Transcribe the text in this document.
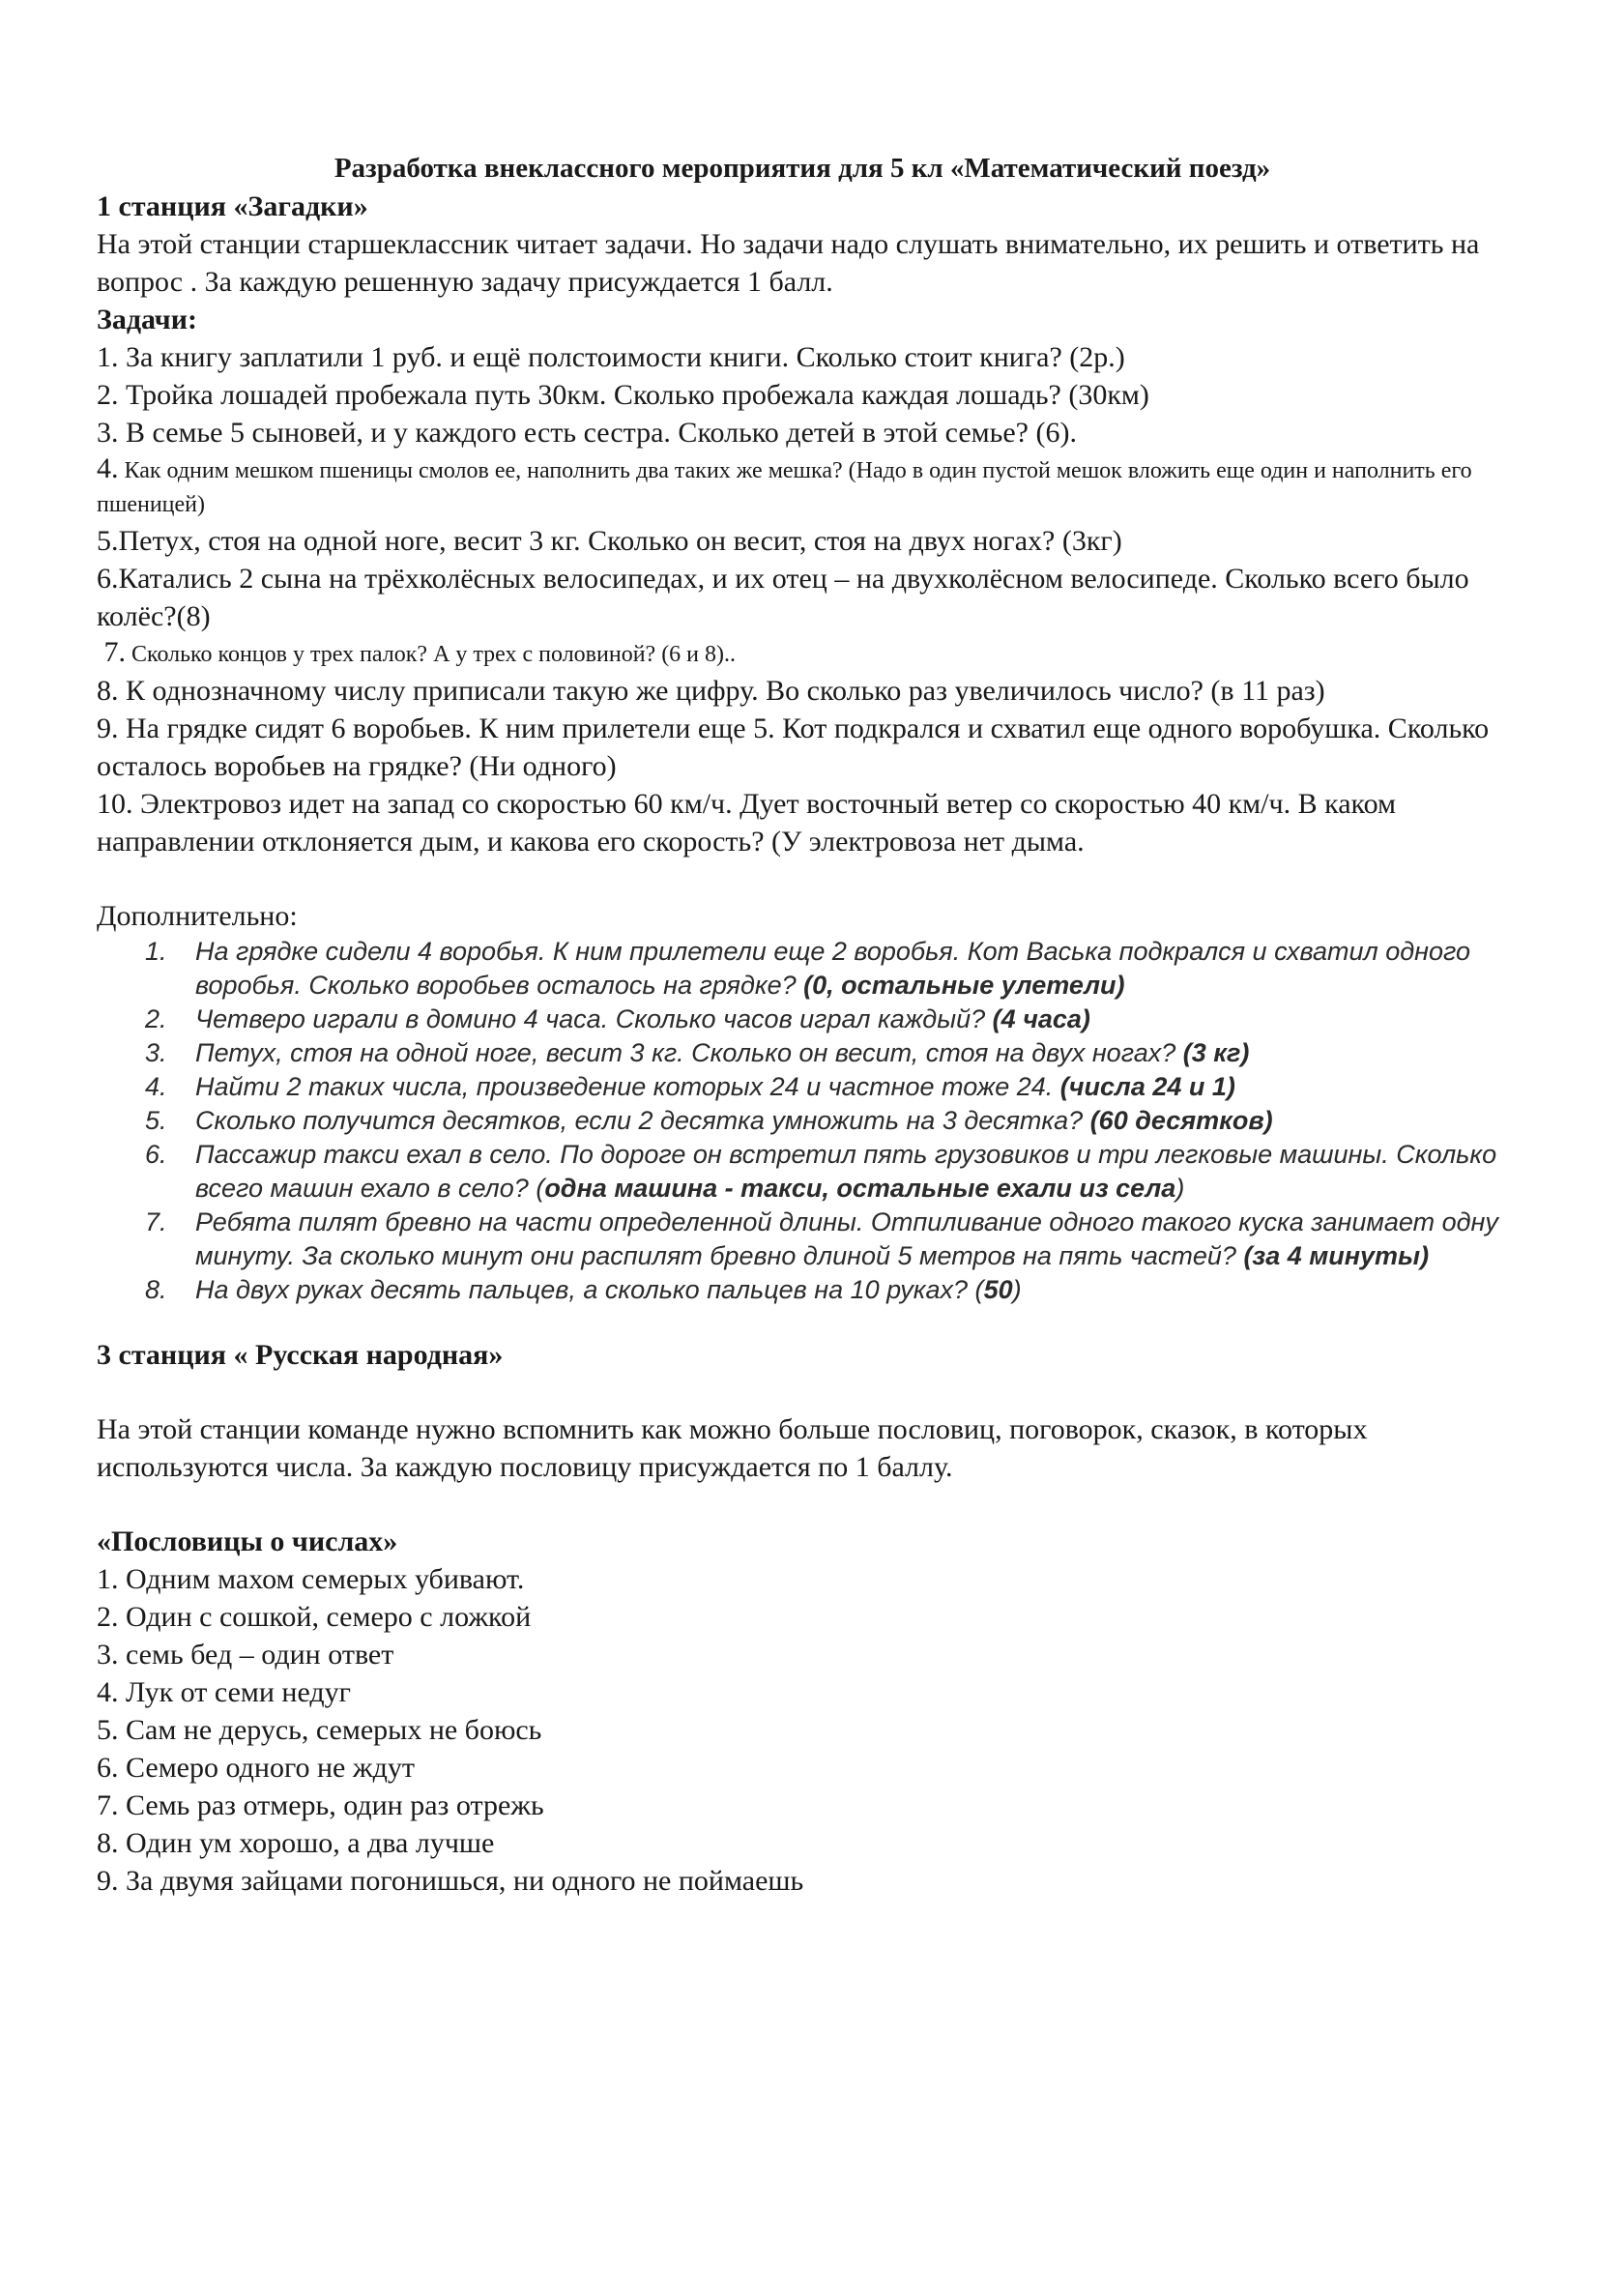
Разработка внеклассного мероприятия для 5 кл «Математический поезд»

1 станция «Загадки»

На этой станции старшеклассник читает задачи. Но задачи надо слушать внимательно, их решить и ответить на вопрос . За каждую решенную задачу присуждается 1 балл.

Задачи:

1. За книгу заплатили 1 руб. и ещё полстоимости книги. Сколько стоит книга? (2р.)

2. Тройка лошадей пробежала путь 30км. Сколько пробежала каждая лошадь? (30км)

3. В семье 5 сыновей, и у каждого есть сестра. Сколько детей в этой семье? (6).

4. Как одним мешком пшеницы смолов ее, наполнить два таких же мешка? (Надо в один пустой мешок вложить еще один и наполнить его пшеницей)

5.Петух, стоя на одной ноге, весит 3 кг. Сколько он весит, стоя на двух ногах? (3кг)

6.Катались 2 сына на трёхколёсных велосипедах, и их отец – на двухколёсном велосипеде. Сколько всего было колёс?(8)

7. Сколько концов у трех палок? А у трех с половиной? (6 и 8)..

8. К однозначному числу приписали такую же цифру. Во сколько раз увеличилось число? (в 11 раз)

9. На грядке сидят 6 воробьев. К ним прилетели еще 5. Кот подкрался и схватил еще одного воробушка. Сколько осталось воробьев на грядке? (Ни одного)

10. Электровоз идет на запад со скоростью 60 км/ч. Дует восточный ветер со скоростью 40 км/ч. В каком направлении отклоняется дым, и какова его скорость? (У электровоза нет дыма.

Дополнительно:

1. На грядке сидели 4 воробья. К ним прилетели еще 2 воробья. Кот Васька подкрался и схватил одного воробья. Сколько воробьев осталось на грядке? (0, остальные улетели)
2. Четверо играли в домино 4 часа. Сколько часов играл каждый? (4 часа)
3. Петух, стоя на одной ноге, весит 3 кг. Сколько он весит, стоя на двух ногах? (3 кг)
4. Найти 2 таких числа, произведение которых 24 и частное тоже 24. (числа 24 и 1)
5. Сколько получится десятков, если 2 десятка умножить на 3 десятка? (60 десятков)
6. Пассажир такси ехал в село. По дороге он встретил пять грузовиков и три легковые машины. Сколько всего машин ехало в село? (одна машина - такси, остальные ехали из села)
7. Ребята пилят бревно на части определенной длины. Отпиливание одного такого куска занимает одну минуту. За сколько минут они распилят бревно длиной 5 метров на пять частей? (за 4 минуты)
8. На двух руках десять пальцев, а сколько пальцев на 10 руках? (50)

3 станция « Русская народная»

На этой станции команде нужно вспомнить как можно больше пословиц, поговорок, сказок, в которых используются числа. За каждую пословицу присуждается по 1 баллу.

«Пословицы о числах»

1. Одним махом семерых убивают.

2. Один с сошкой, семеро с ложкой

3. семь бед – один ответ

4. Лук от семи недуг

5. Сам не дерусь, семерых не боюсь

6. Семеро одного не ждут

7. Семь раз отмерь, один раз отрежь

8. Один ум хорошо, а два лучше

9. За двумя зайцами погонишься, ни одного не поймаешь
